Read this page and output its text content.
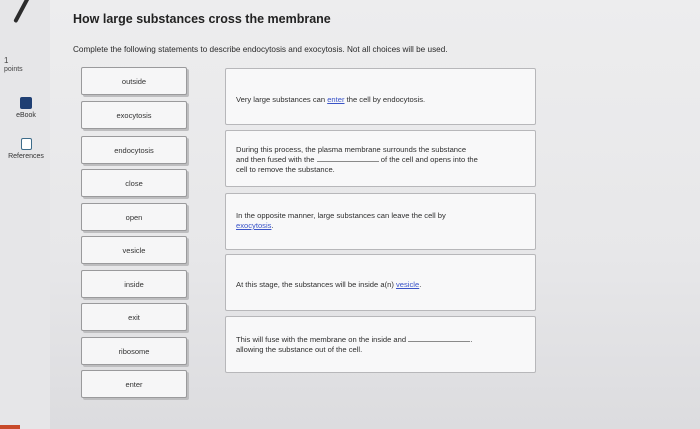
1
points
eBook
References
How large substances cross the membrane
Complete the following statements to describe endocytosis and exocytosis. Not all choices will be used.
outside
exocytosis
endocytosis
close
open
vesicle
inside
exit
ribosome
enter
Very large substances can enter the cell by endocytosis.
During this process, the plasma membrane surrounds the substance
and then fused with the	of the cell and opens into the
cell to remove the substance.
In the opposite manner, large substances can leave the cell by
exocytosis.
At this stage, the substances will be inside a(n) vesicle.
This will fuse with the membrane on the inside and	.
allowing the substance out of the cell.
